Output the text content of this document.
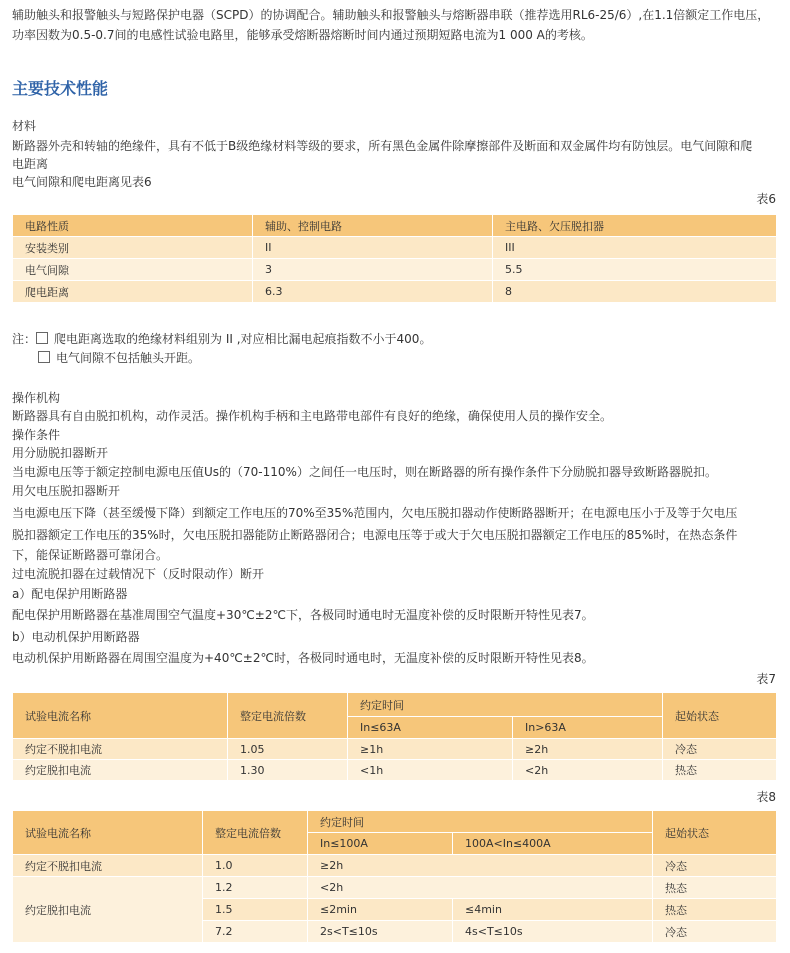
辅助触头和报警触头与短路保护电器（SCPD）的协调配合。辅助触头和报警触头与熔断器串联（推荐选用RL6-25/6）,在1.1倍额定工作电压，
功率因数为0.5-0.7间的电感性试验电路里，能够承受熔断器熔断时间内通过预期短路电流为1 000 A的考核。
主要技术性能
材料
断路器外壳和转轴的绝缘件，具有不低于B级绝缘材料等级的要求，所有黑色金属件除摩擦部件及断面和双金属件均有防蚀层。电气间隙和爬
电距离
电气间隙和爬电距离见表6
表6
电路性质	辅助、控制电路	主电路、欠压脱扣器
安装类别	II	III
电气间隙	3	5.5
爬电距离	6.3	8
注： 爬电距离选取的绝缘材料组别为 II ,对应相比漏电起痕指数不小于400。
电气间隙不包括触头开距。
操作机构
断路器具有自由脱扣机构，动作灵活。操作机构手柄和主电路带电部件有良好的绝缘，确保使用人员的操作安全。
操作条件
用分励脱扣器断开
当电源电压等于额定控制电源电压值Us的（70-110%）之间任一电压时，则在断路器的所有操作条件下分励脱扣器导致断路器脱扣。
用欠电压脱扣器断开
当电源电压下降（甚至缓慢下降）到额定工作电压的70%至35%范围内，欠电压脱扣器动作使断路器断开；在电源电压小于及等于欠电压
脱扣器额定工作电压的35%时，欠电压脱扣器能防止断路器闭合；电源电压等于或大于欠电压脱扣器额定工作电压的85%时，在热态条件
下，能保证断路器可靠闭合。
过电流脱扣器在过载情况下（反时限动作）断开
a）配电保护用断路器
配电保护用断路器在基准周围空气温度+30℃±2℃下，各极同时通电时无温度补偿的反时限断开特性见表7。
b）电动机保护用断路器
电动机保护用断路器在周围空温度为+40℃±2℃时，各极同时通电时，无温度补偿的反时限断开特性见表8。
表7
试验电流名称	整定电流倍数	约定时间		起始状态
		In≤63A	In>63A	
约定不脱扣电流	1.05	≥1h	≥2h	冷态
约定脱扣电流	1.30	<1h	<2h	热态
表8
试验电流名称	整定电流倍数	约定时间		起始状态
		In≤100A	100A<In≤400A	
约定不脱扣电流	1.0	≥2h		冷态
约定脱扣电流	1.2	<2h		热态
	1.5	≤2min	≤4min	热态
	7.2	2s<T≤10s	4s<T≤10s	冷态
